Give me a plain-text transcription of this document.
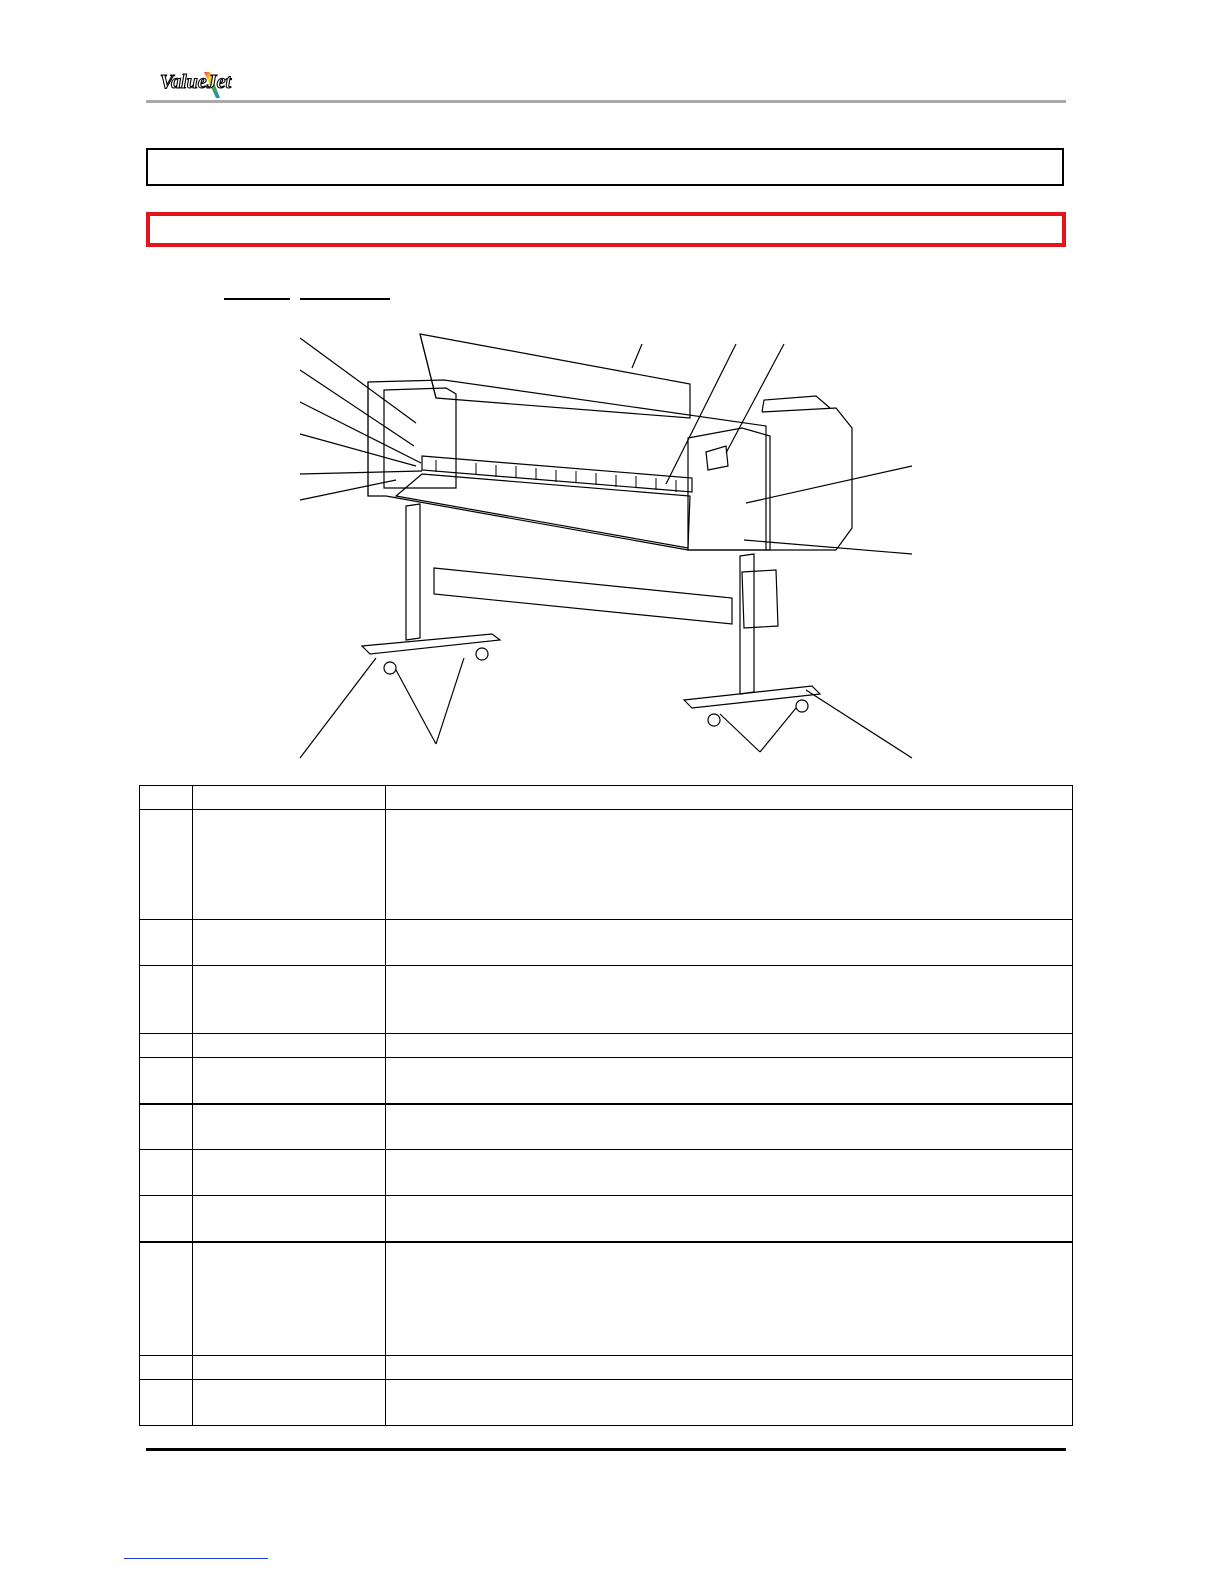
ValueJet
